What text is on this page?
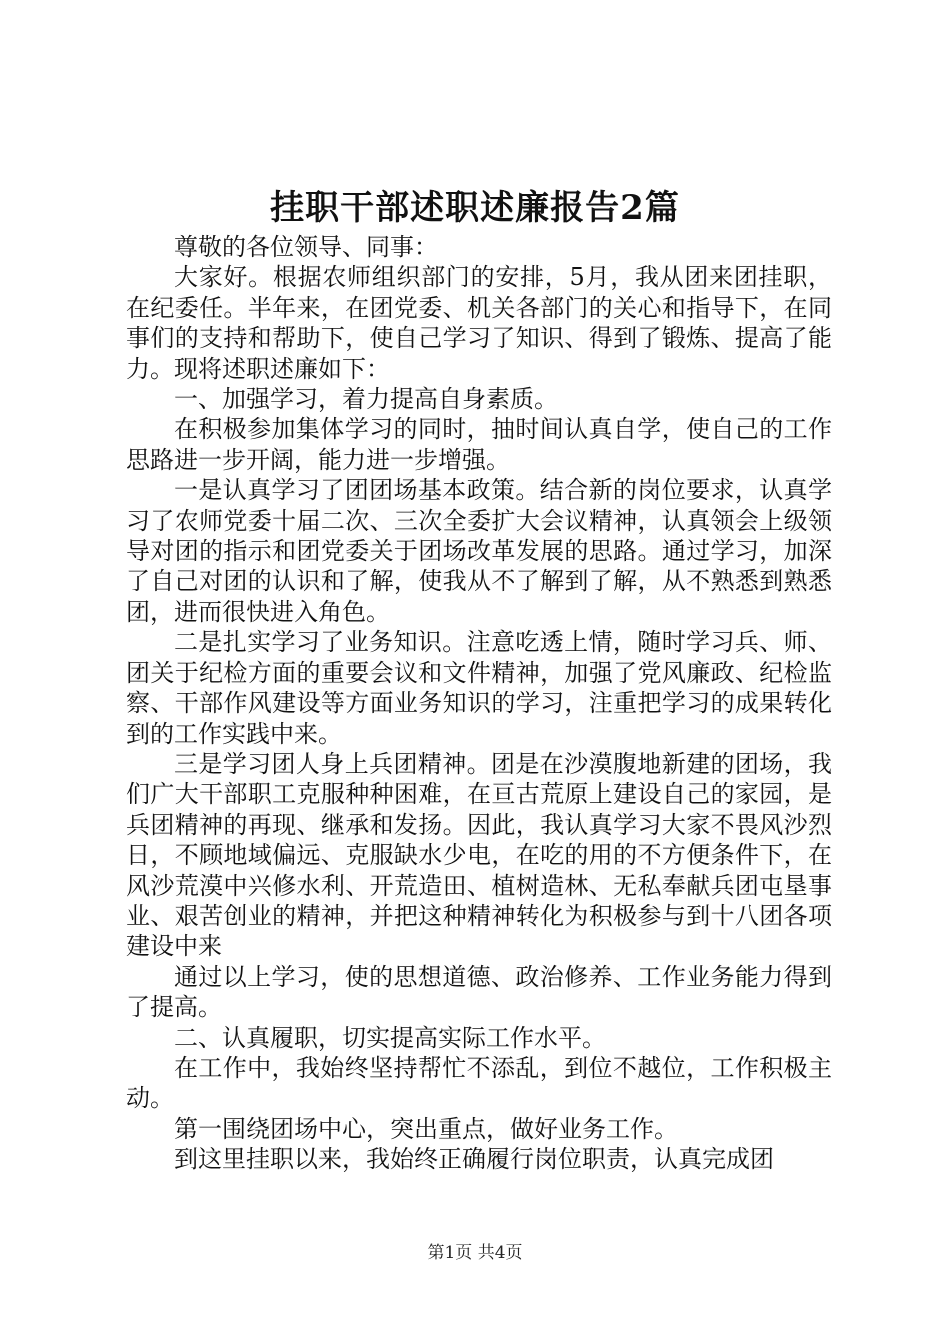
挂职干部述职述廉报告2篇

尊敬的各位领导、同事：

大家好。根据农师组织部门的安排，5月，我从团来团挂职，在纪委任。半年来，在团党委、机关各部门的关心和指导下，在同事们的支持和帮助下，使自己学习了知识、得到了锻炼、提高了能力。现将述职述廉如下：

一、加强学习，着力提高自身素质。

在积极参加集体学习的同时，抽时间认真自学，使自己的工作思路进一步开阔，能力进一步增强。

一是认真学习了团团场基本政策。结合新的岗位要求，认真学习了农师党委十届二次、三次全委扩大会议精神，认真领会上级领导对团的指示和团党委关于团场改革发展的思路。通过学习，加深了自己对团的认识和了解，使我从不了解到了解，从不熟悉到熟悉团，进而很快进入角色。

二是扎实学习了业务知识。注意吃透上情，随时学习兵、师、团关于纪检方面的重要会议和文件精神，加强了党风廉政、纪检监察、干部作风建设等方面业务知识的学习，注重把学习的成果转化到的工作实践中来。

三是学习团人身上兵团精神。团是在沙漠腹地新建的团场，我们广大干部职工克服种种困难，在亘古荒原上建设自己的家园，是兵团精神的再现、继承和发扬。因此，我认真学习大家不畏风沙烈日，不顾地域偏远、克服缺水少电，在吃的用的不方便条件下，在风沙荒漠中兴修水利、开荒造田、植树造林、无私奉献兵团屯垦事业、艰苦创业的精神，并把这种精神转化为积极参与到十八团各项建设中来

通过以上学习，使的思想道德、政治修养、工作业务能力得到了提高。

二、认真履职，切实提高实际工作水平。

在工作中，我始终坚持帮忙不添乱，到位不越位，工作积极主动。

第一围绕团场中心，突出重点，做好业务工作。

到这里挂职以来，我始终正确履行岗位职责，认真完成团

第1页 共4页
